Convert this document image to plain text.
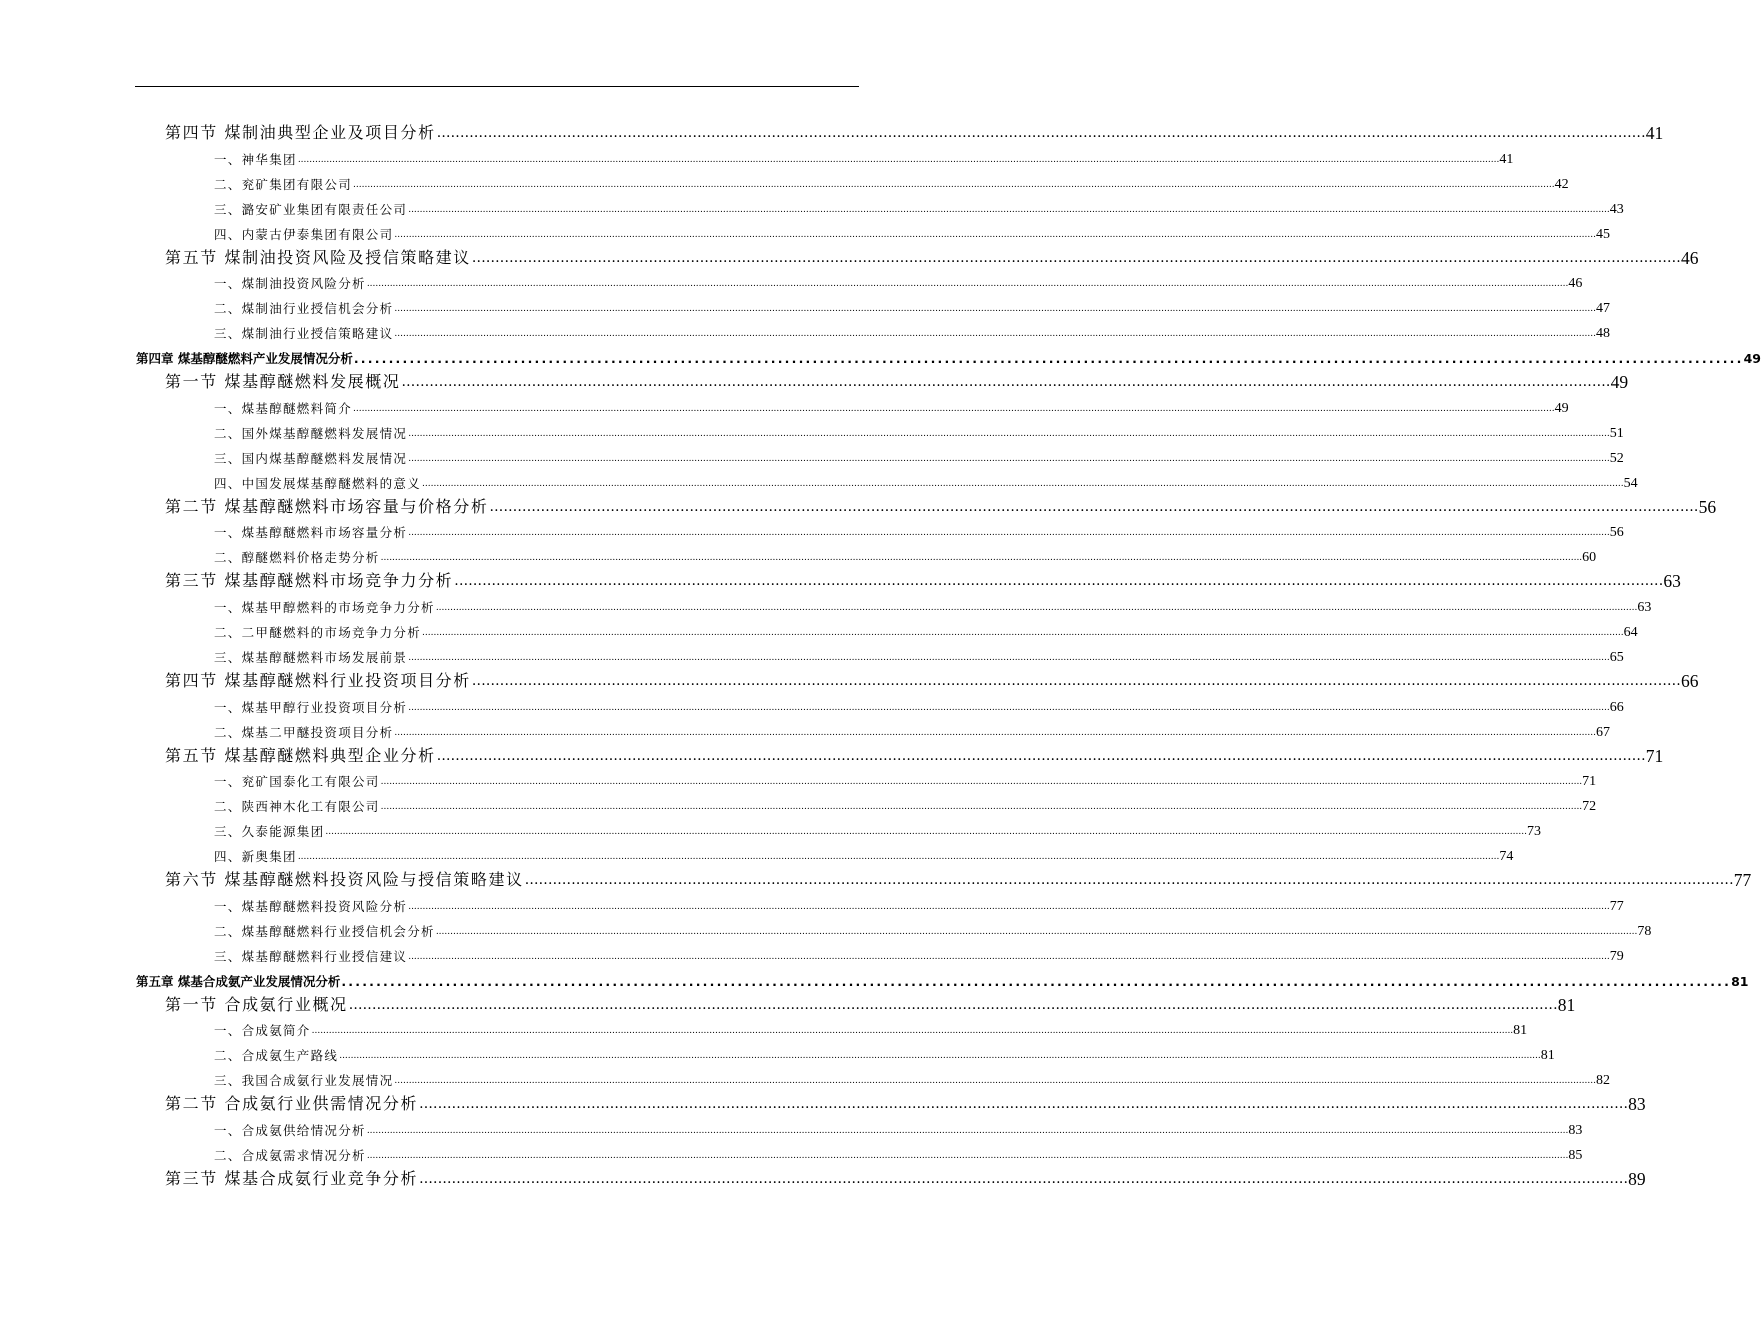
第四节 煤制油典型企业及项目分析 .................................................................................................................................................................................................................................................................... 41
一、神华集团 .................................................................................................................................................................................................................................................................................................................................................................................................................................... 41
二、兖矿集团有限公司 .................................................................................................................................................................................................................................................................................................................................................................................................................................... 42
三、潞安矿业集团有限责任公司 .................................................................................................................................................................................................................................................................................................................................................................................................................................... 43
四、内蒙古伊泰集团有限公司 .................................................................................................................................................................................................................................................................................................................................................................................................................................... 45
第五节 煤制油投资风险及授信策略建议 .................................................................................................................................................................................................................................................................... 46
一、煤制油投资风险分析 .................................................................................................................................................................................................................................................................................................................................................................................................................................... 46
二、煤制油行业授信机会分析 .................................................................................................................................................................................................................................................................................................................................................................................................................................... 47
三、煤制油行业授信策略建议 .................................................................................................................................................................................................................................................................................................................................................................................................................................... 48
第四章 煤基醇醚燃料产业发展情况分析 ........................................................................................................................................................................................................ 49
第一节 煤基醇醚燃料发展概况 .................................................................................................................................................................................................................................................................... 49
一、煤基醇醚燃料简介 .................................................................................................................................................................................................................................................................................................................................................................................................................................... 49
二、国外煤基醇醚燃料发展情况 .................................................................................................................................................................................................................................................................................................................................................................................................................................... 51
三、国内煤基醇醚燃料发展情况 .................................................................................................................................................................................................................................................................................................................................................................................................................................... 52
四、中国发展煤基醇醚燃料的意义 .................................................................................................................................................................................................................................................................................................................................................................................................................................... 54
第二节 煤基醇醚燃料市场容量与价格分析 .................................................................................................................................................................................................................................................................... 56
一、煤基醇醚燃料市场容量分析 .................................................................................................................................................................................................................................................................................................................................................................................................................................... 56
二、醇醚燃料价格走势分析 .................................................................................................................................................................................................................................................................................................................................................................................................................................... 60
第三节 煤基醇醚燃料市场竞争力分析 .................................................................................................................................................................................................................................................................... 63
一、煤基甲醇燃料的市场竞争力分析 .................................................................................................................................................................................................................................................................................................................................................................................................................................... 63
二、二甲醚燃料的市场竞争力分析 .................................................................................................................................................................................................................................................................................................................................................................................................................................... 64
三、煤基醇醚燃料市场发展前景 .................................................................................................................................................................................................................................................................................................................................................................................................................................... 65
第四节 煤基醇醚燃料行业投资项目分析 .................................................................................................................................................................................................................................................................... 66
一、煤基甲醇行业投资项目分析 .................................................................................................................................................................................................................................................................................................................................................................................................................................... 66
二、煤基二甲醚投资项目分析 .................................................................................................................................................................................................................................................................................................................................................................................................................................... 67
第五节 煤基醇醚燃料典型企业分析 .................................................................................................................................................................................................................................................................... 71
一、兖矿国泰化工有限公司 .................................................................................................................................................................................................................................................................................................................................................................................................................................... 71
二、陕西神木化工有限公司 .................................................................................................................................................................................................................................................................................................................................................................................................................................... 72
三、久泰能源集团 .................................................................................................................................................................................................................................................................................................................................................................................................................................... 73
四、新奥集团 .................................................................................................................................................................................................................................................................................................................................................................................................................................... 74
第六节 煤基醇醚燃料投资风险与授信策略建议 .................................................................................................................................................................................................................................................................... 77
一、煤基醇醚燃料投资风险分析 .................................................................................................................................................................................................................................................................................................................................................................................................................................... 77
二、煤基醇醚燃料行业授信机会分析 .................................................................................................................................................................................................................................................................................................................................................................................................................................... 78
三、煤基醇醚燃料行业授信建议 .................................................................................................................................................................................................................................................................................................................................................................................................................................... 79
第五章 煤基合成氨产业发展情况分析 ........................................................................................................................................................................................................ 81
第一节 合成氨行业概况 .................................................................................................................................................................................................................................................................... 81
一、合成氨简介 .................................................................................................................................................................................................................................................................................................................................................................................................................................... 81
二、合成氨生产路线 .................................................................................................................................................................................................................................................................................................................................................................................................................................... 81
三、我国合成氨行业发展情况 .................................................................................................................................................................................................................................................................................................................................................................................................................................... 82
第二节 合成氨行业供需情况分析 .................................................................................................................................................................................................................................................................... 83
一、合成氨供给情况分析 .................................................................................................................................................................................................................................................................................................................................................................................................................................... 83
二、合成氨需求情况分析 .................................................................................................................................................................................................................................................................................................................................................................................................................................... 85
第三节 煤基合成氨行业竞争分析 .................................................................................................................................................................................................................................................................... 89
